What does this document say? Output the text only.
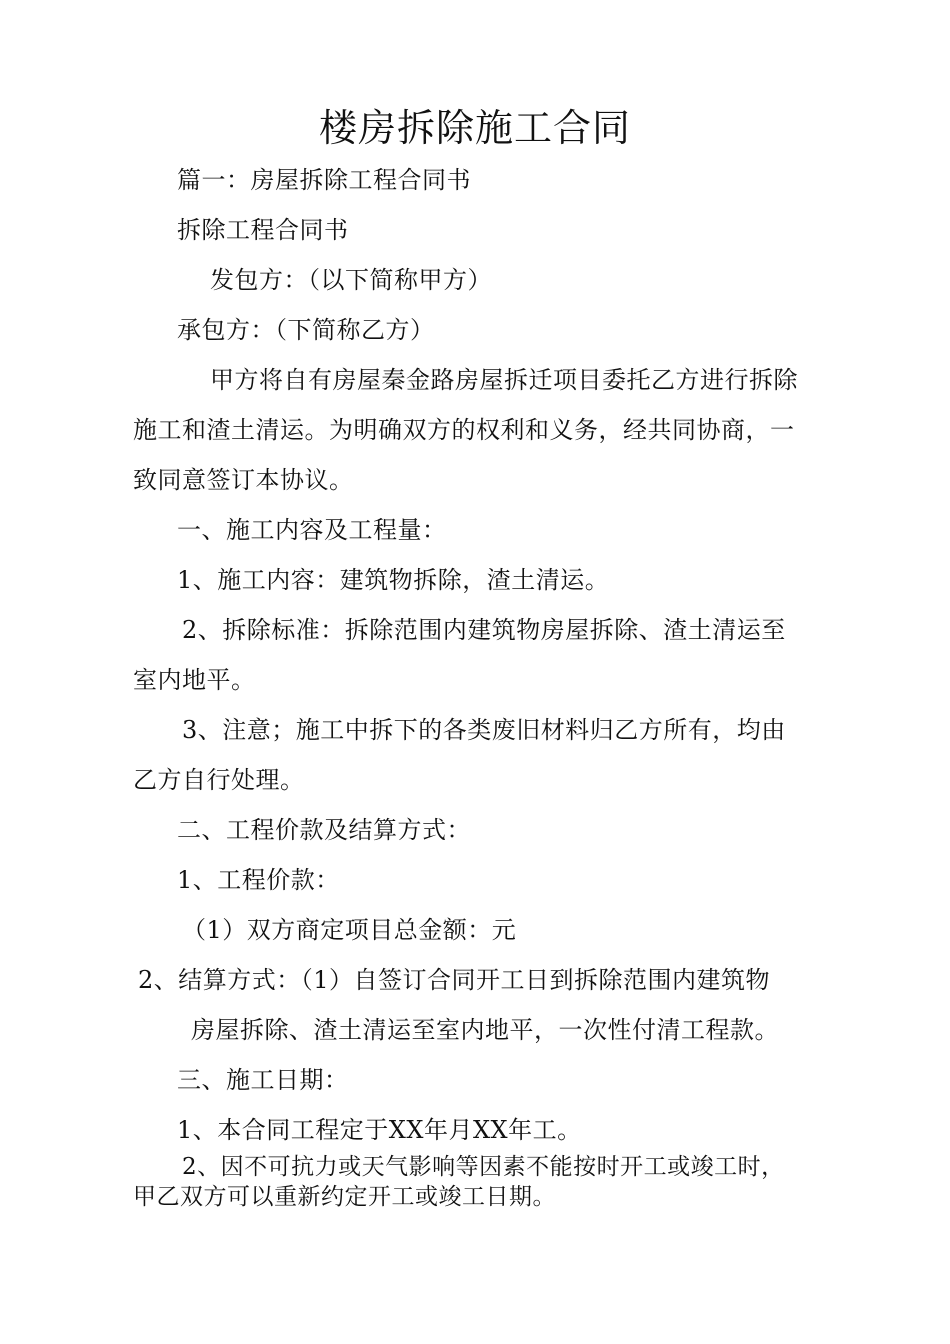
楼房拆除施工合同
篇一：房屋拆除工程合同书
拆除工程合同书
发包方：（以下简称甲方）
承包方：（下简称乙方）
甲方将自有房屋秦金路房屋拆迁项目委托乙方进行拆除
施工和渣土清运。为明确双方的权利和义务，经共同协商，一
致同意签订本协议。
一、施工内容及工程量：
1、施工内容：建筑物拆除，渣土清运。
2、拆除标准：拆除范围内建筑物房屋拆除、渣土清运至
室内地平。
3、注意；施工中拆下的各类废旧材料归乙方所有，均由
乙方自行处理。
二、工程价款及结算方式：
1、工程价款：
（1）双方商定项目总金额：元
2、结算方式：（1）自签订合同开工日到拆除范围内建筑物
房屋拆除、渣土清运至室内地平，一次性付清工程款。
三、施工日期：
1、本合同工程定于XX年月XX年工。
2、因不可抗力或天气影响等因素不能按时开工或竣工时，
甲乙双方可以重新约定开工或竣工日期。
